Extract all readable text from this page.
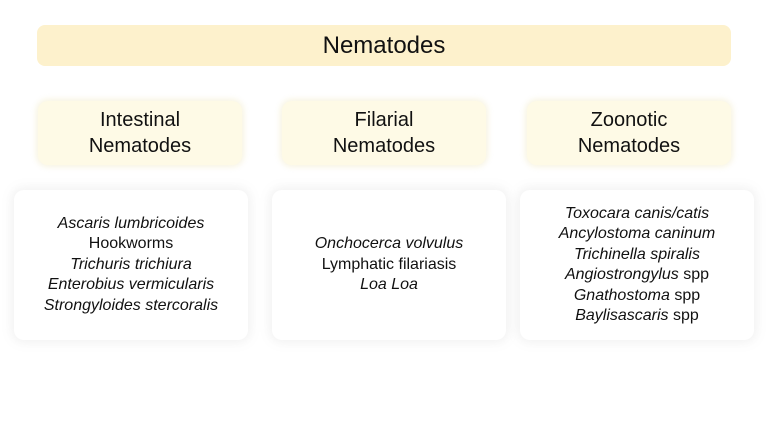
Nematodes
Intestinal
Nematodes
Filarial
Nematodes
Zoonotic
Nematodes
Ascaris lumbricoides
Hookworms
Trichuris trichiura
Enterobius vermicularis
Strongyloides stercoralis
Onchocerca volvulus
Lymphatic filariasis
Loa Loa
Toxocara canis/catis
Ancylostoma caninum
Trichinella spiralis
Angiostrongylus spp
Gnathostoma spp
Baylisascaris spp
